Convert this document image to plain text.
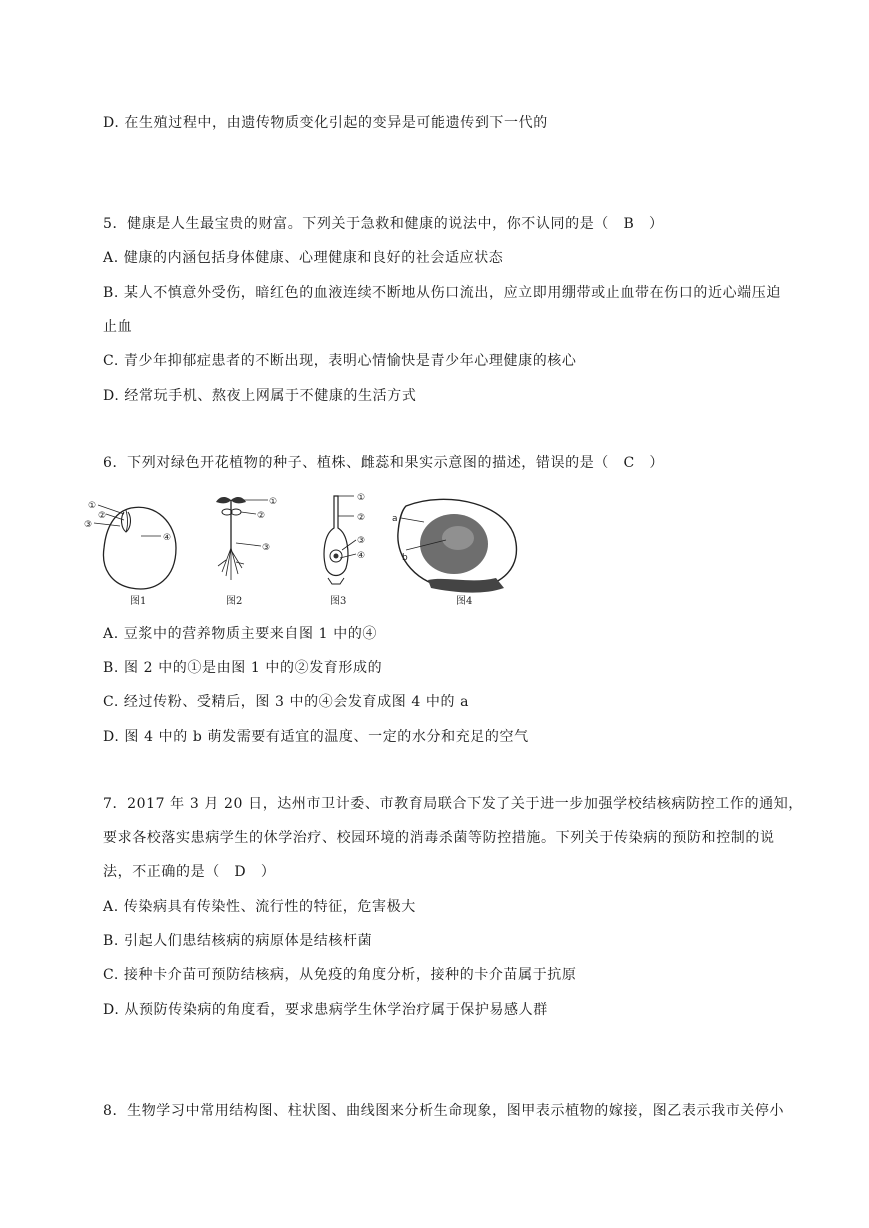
D. 在生殖过程中，由遗传物质变化引起的变异是可能遗传到下一代的
5．健康是人生最宝贵的财富。下列关于急救和健康的说法中，你不认同的是（　B　）
A. 健康的内涵包括身体健康、心理健康和良好的社会适应状态
B. 某人不慎意外受伤，暗红色的血液连续不断地从伤口流出，应立即用绷带或止血带在伤口的近心端压迫
止血
C. 青少年抑郁症患者的不断出现，表明心情愉快是青少年心理健康的核心
D. 经常玩手机、熬夜上网属于不健康的生活方式
6．下列对绿色开花植物的种子、植株、雌蕊和果实示意图的描述，错误的是（　C　）
①
②
③
④
图1
①
②
③
图2
①
②
③
④
图3
a
b
图4
A. 豆浆中的营养物质主要来自图 1 中的④
B. 图 2 中的①是由图 1 中的②发育形成的
C. 经过传粉、受精后，图 3 中的④会发育成图 4 中的 a
D. 图 4 中的 b 萌发需要有适宜的温度、一定的水分和充足的空气
7．2017 年 3 月 20 日，达州市卫计委、市教育局联合下发了关于进一步加强学校结核病防控工作的通知，
要求各校落实患病学生的休学治疗、校园环境的消毒杀菌等防控措施。下列关于传染病的预防和控制的说
法，不正确的是（　D　）
A. 传染病具有传染性、流行性的特征，危害极大
B. 引起人们患结核病的病原体是结核杆菌
C. 接种卡介苗可预防结核病，从免疫的角度分析，接种的卡介苗属于抗原
D. 从预防传染病的角度看，要求患病学生休学治疗属于保护易感人群
8．生物学习中常用结构图、柱状图、曲线图来分析生命现象，图甲表示植物的嫁接，图乙表示我市关停小
